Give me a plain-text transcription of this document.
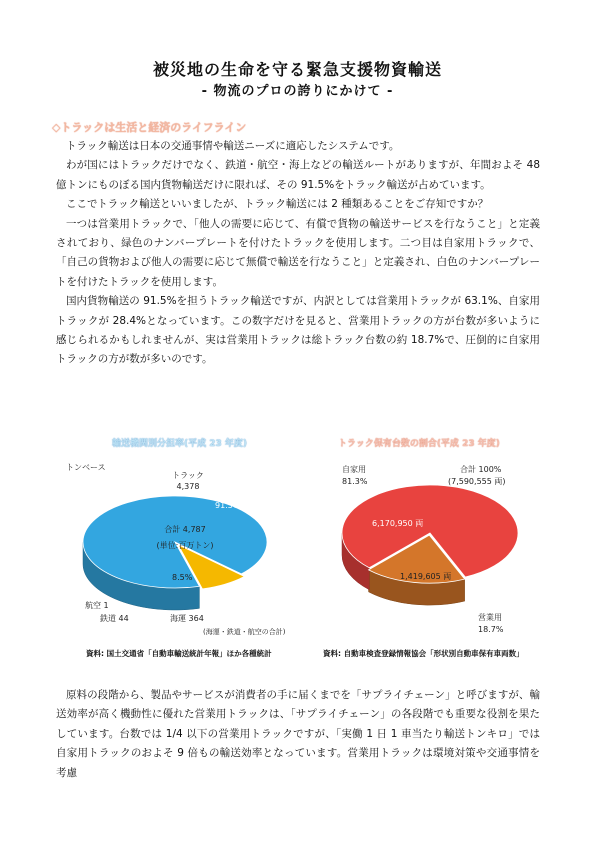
被災地の生命を守る緊急支援物資輸送
- 物流のプロの誇りにかけて -
◇トラックは生活と経済のライフライン

トラック輸送は日本の交通事情や輸送ニーズに適応したシステムです。

わが国にはトラックだけでなく、鉄道・航空・海上などの輸送ルートがありますが、年間およそ 48 億トンにものぼる国内貨物輸送だけに限れば、その 91.5%をトラック輸送が占めています。

ここでトラック輸送といいましたが、トラック輸送には 2 種類あることをご存知ですか？

一つは営業用トラックで、「他人の需要に応じて、有償で貨物の輸送サービスを行なうこと」と定義されており、緑色のナンバープレートを付けたトラックを使用します。二つ目は自家用トラックで、「自己の貨物および他人の需要に応じて無償で輸送を行なうこと」と定義され、白色のナンバープレートを付けたトラックを使用します。

国内貨物輸送の 91.5%を担うトラック輸送ですが、内訳としては営業用トラックが 63.1%、自家用トラックが 28.4%となっています。この数字だけを見ると、営業用トラックの方が台数が多いように感じられるかもしれませんが、実は営業用トラックは総トラック台数の約 18.7%で、圧倒的に自家用トラックの方が数が多いのです。

輸送機関別分担率(平成 23 年度)
トンベース
トラック
4,378
91.5%
合計 4,787
(単位:百万トン)
8.5%
航空 1
鉄道 44	海運 364
(海運・鉄道・航空の合計)
資料: 国土交通省「自動車輸送統計年報」ほか各種統計
トラック保有台数の割合(平成 23 年度)
自家用
81.3%
合計 100%
(7,590,555 両)
6,170,950 両
1,419,605 両
営業用
18.7%
資料: 自動車検査登録情報協会「形状別自動車保有車両数」

原料の段階から、製品やサービスが消費者の手に届くまでを「サプライチェーン」と呼びますが、輸送効率が高く機動性に優れた営業用トラックは、「サプライチェーン」の各段階でも重要な役割を果たしています。台数では 1/4 以下の営業用トラックですが、「実働 1 日 1 車当たり輸送トンキロ」では自家用トラックのおよそ 9 倍もの輸送効率となっています。営業用トラックは環境対策や交通事情を考慮
